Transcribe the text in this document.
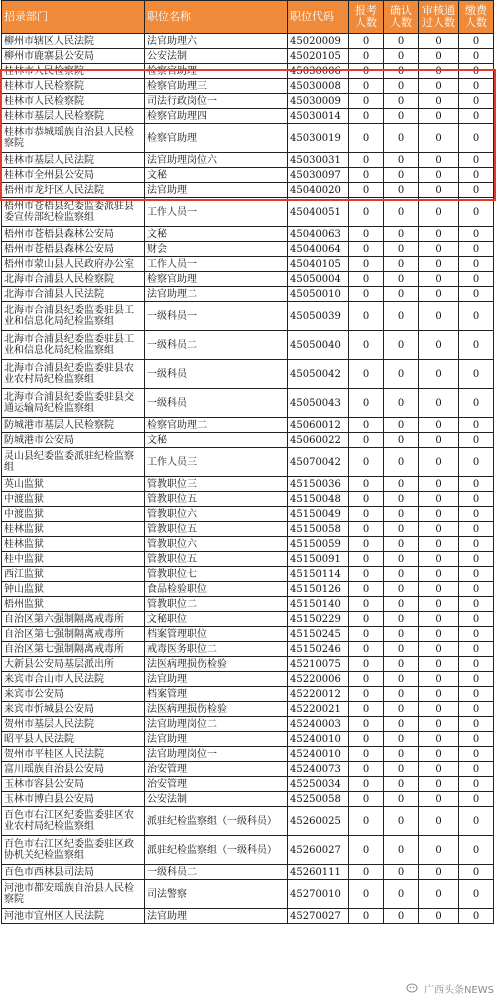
招录部门	职位名称	职位代码	报考人数	确认人数	审核通过人数	缴费人数
柳州市辖区人民法院	法官助理六	45020009	0	0	0	0
柳州市鹿寨县公安局	公安法制	45020105	0	0	0	0
桂林市人民检察院	检察官助理一	45030006	0	0	0	0
桂林市人民检察院	检察官助理三	45030008	0	0	0	0
桂林市人民检察院	司法行政岗位一	45030009	0	0	0	0
桂林市基层人民检察院	检察官助理四	45030014	0	0	0	0
桂林市恭城瑶族自治县人民检察院	检察官助理	45030019	0	0	0	0
桂林市基层人民法院	法官助理岗位六	45030031	0	0	0	0
桂林市全州县公安局	文秘	45030097	0	0	0	0
梧州市龙圩区人民法院	法官助理	45040020	0	0	0	0
梧州市苍梧县纪委监委派驻县委宣传部纪检监察组	工作人员一	45040051	0	0	0	0
梧州市苍梧县森林公安局	文秘	45040063	0	0	0	0
梧州市苍梧县森林公安局	财会	45040064	0	0	0	0
梧州市蒙山县人民政府办公室	工作人员一	45040105	0	0	0	0
北海市合浦县人民检察院	检察官助理	45050004	0	0	0	0
北海市合浦县人民法院	法官助理二	45050010	0	0	0	0
北海市合浦县纪委监委驻县工业和信息化局纪检监察组	一级科员一	45050039	0	0	0	0
北海市合浦县纪委监委驻县工业和信息化局纪检监察组	一级科员二	45050040	0	0	0	0
北海市合浦县纪委监委驻县农业农村局纪检监察组	一级科员	45050042	0	0	0	0
北海市合浦县纪委监委驻县交通运输局纪检监察组	一级科员	45050043	0	0	0	0
防城港市基层人民检察院	检察官助理二	45060012	0	0	0	0
防城港市公安局	文秘	45060022	0	0	0	0
灵山县纪委监委派驻纪检监察组	工作人员三	45070042	0	0	0	0
英山监狱	管教职位三	45150036	0	0	0	0
中渡监狱	管教职位五	45150048	0	0	0	0
中渡监狱	管教职位六	45150049	0	0	0	0
桂林监狱	管教职位五	45150058	0	0	0	0
桂林监狱	管教职位六	45150059	0	0	0	0
桂中监狱	管教职位五	45150091	0	0	0	0
西江监狱	管教职位七	45150114	0	0	0	0
钟山监狱	食品检验职位	45150126	0	0	0	0
梧州监狱	管教职位二	45150140	0	0	0	0
自治区第六强制隔离戒毒所	文秘职位	45150229	0	0	0	0
自治区第七强制隔离戒毒所	档案管理职位	45150245	0	0	0	0
自治区第七强制隔离戒毒所	戒毒医务职位二	45150246	0	0	0	0
大新县公安局基层派出所	法医病理损伤检验	45210075	0	0	0	0
来宾市合山市人民法院	法官助理	45220006	0	0	0	0
来宾市公安局	档案管理	45220012	0	0	0	0
来宾市忻城县公安局	法医病理损伤检验	45220021	0	0	0	0
贺州市基层人民法院	法官助理岗位二	45240003	0	0	0	0
昭平县人民法院	法官助理	45240010	0	0	0	0
贺州市平桂区人民法院	法官助理岗位一	45240010	0	0	0	0
富川瑶族自治县公安局	治安管理	45240073	0	0	0	0
玉林市容县公安局	治安管理	45250034	0	0	0	0
玉林市博白县公安局	公安法制	45250058	0	0	0	0
百色市右江区纪委监委驻区农业农村局纪检监察组	派驻纪检监察组（一级科员）	45260025	0	0	0	0
百色市右江区纪委监委驻区政协机关纪检监察组	派驻纪检监察组（一级科员）	45260027	0	0	0	0
百色市西林县司法局	一级科员二	45260111	0	0	0	0
河池市都安瑶族自治县人民检察院	司法警察	45270010	0	0	0	0
河池市宜州区人民法院	法官助理	45270027	0	0	0	0
广西头条NEWS
